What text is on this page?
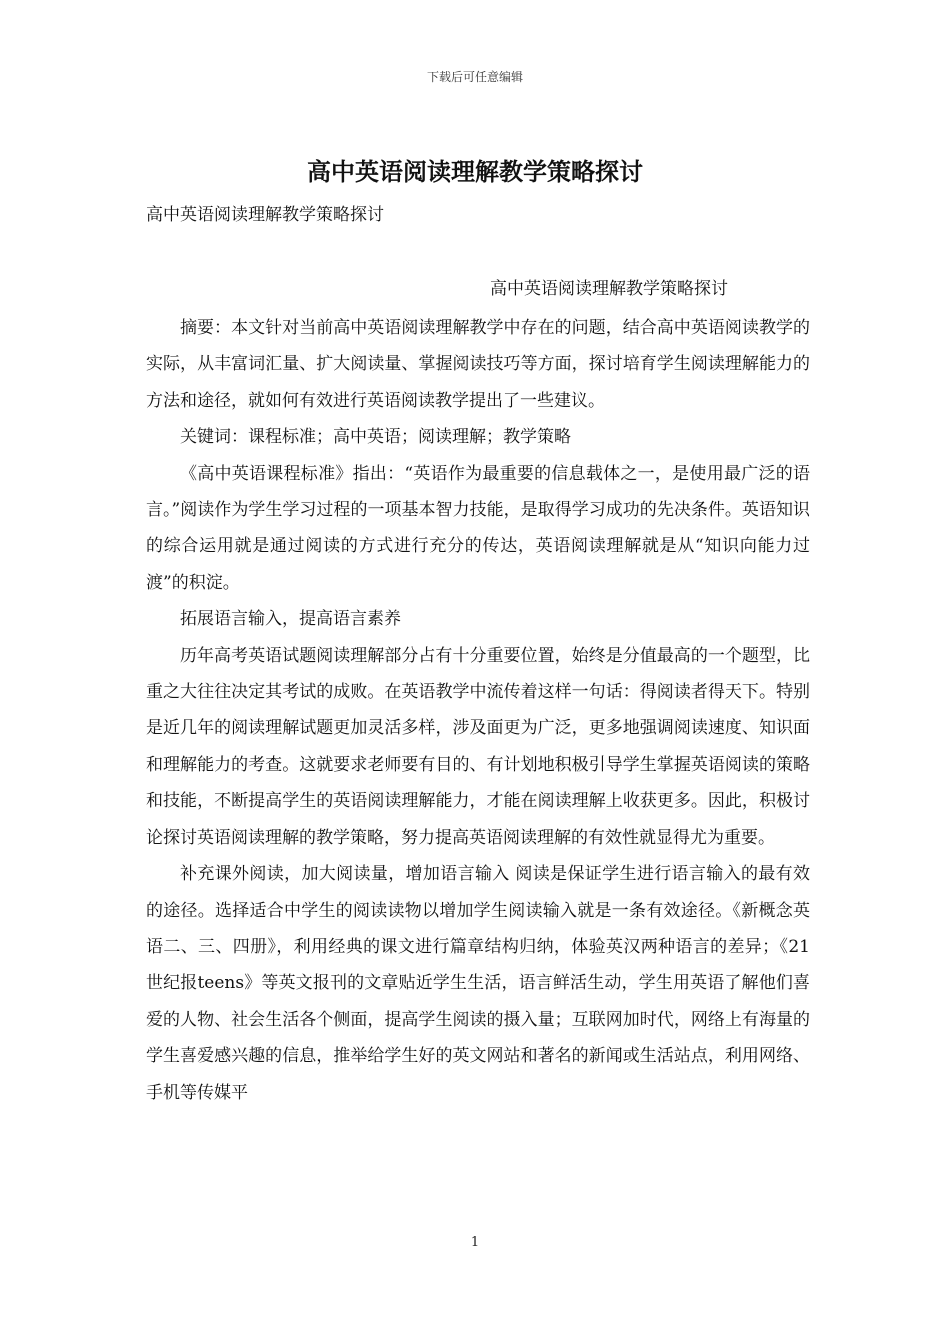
下载后可任意编辑
高中英语阅读理解教学策略探讨

高中英语阅读理解教学策略探讨

高中英语阅读理解教学策略探讨

摘要：本文针对当前高中英语阅读理解教学中存在的问题，结合高中英语阅读教学的实际，从丰富词汇量、扩大阅读量、掌握阅读技巧等方面，探讨培育学生阅读理解能力的方法和途径，就如何有效进行英语阅读教学提出了一些建议。

关键词：课程标准；高中英语；阅读理解；教学策略

《高中英语课程标准》指出：“英语作为最重要的信息载体之一，是使用最广泛的语言。”阅读作为学生学习过程的一项基本智力技能，是取得学习成功的先决条件。英语知识的综合运用就是通过阅读的方式进行充分的传达，英语阅读理解就是从“知识向能力过渡”的积淀。

拓展语言输入，提高语言素养

历年高考英语试题阅读理解部分占有十分重要位置，始终是分值最高的一个题型，比重之大往往决定其考试的成败。在英语教学中流传着这样一句话：得阅读者得天下。特别是近几年的阅读理解试题更加灵活多样，涉及面更为广泛，更多地强调阅读速度、知识面和理解能力的考查。这就要求老师要有目的、有计划地积极引导学生掌握英语阅读的策略和技能，不断提高学生的英语阅读理解能力，才能在阅读理解上收获更多。因此，积极讨论探讨英语阅读理解的教学策略，努力提高英语阅读理解的有效性就显得尤为重要。

补充课外阅读，加大阅读量，增加语言输入 阅读是保证学生进行语言输入的最有效的途径。选择适合中学生的阅读读物以增加学生阅读输入就是一条有效途径。《新概念英语二、三、四册》，利用经典的课文进行篇章结构归纳，体验英汉两种语言的差异；《21世纪报teens》等英文报刊的文章贴近学生生活，语言鲜活生动，学生用英语了解他们喜爱的人物、社会生活各个侧面，提高学生阅读的摄入量；互联网加时代，网络上有海量的学生喜爱感兴趣的信息，推举给学生好的英文网站和著名的新闻或生活站点，利用网络、手机等传媒平

1
